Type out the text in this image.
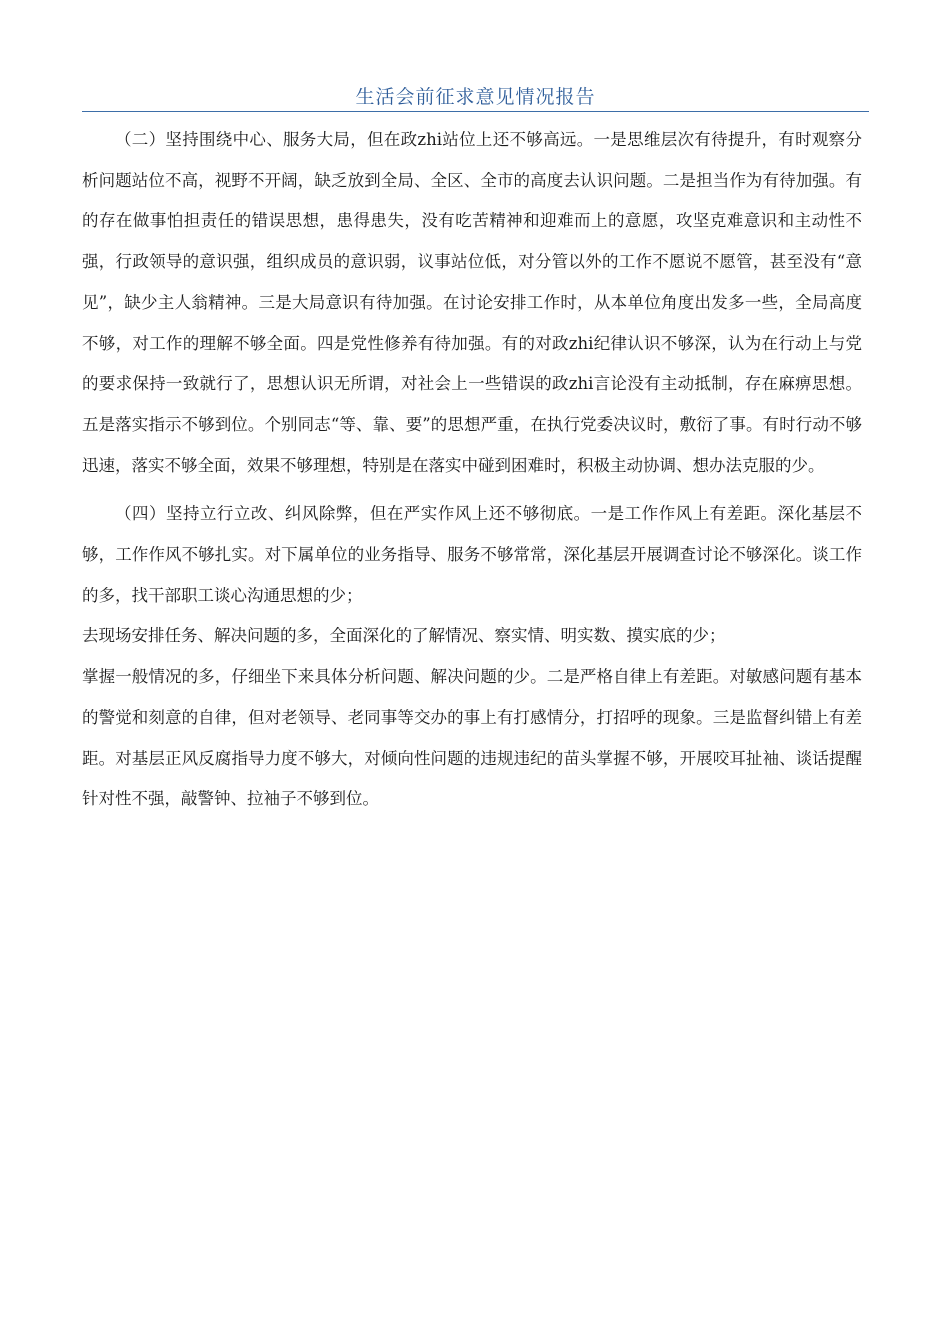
生活会前征求意见情况报告

（二）坚持围绕中心、服务大局，但在政zhi站位上还不够高远。一是思维层次有待提升，有时观察分析问题站位不高，视野不开阔，缺乏放到全局、全区、全市的高度去认识问题。二是担当作为有待加强。有的存在做事怕担责任的错误思想，患得患失，没有吃苦精神和迎难而上的意愿，攻坚克难意识和主动性不强，行政领导的意识强，组织成员的意识弱，议事站位低，对分管以外的工作不愿说不愿管，甚至没有“意见”，缺少主人翁精神。三是大局意识有待加强。在讨论安排工作时，从本单位角度出发多一些，全局高度不够，对工作的理解不够全面。四是党性修养有待加强。有的对政zhi纪律认识不够深，认为在行动上与党的要求保持一致就行了，思想认识无所谓，对社会上一些错误的政zhi言论没有主动抵制，存在麻痹思想。五是落实指示不够到位。个别同志“等、靠、要”的思想严重，在执行党委决议时，敷衍了事。有时行动不够迅速，落实不够全面，效果不够理想，特别是在落实中碰到困难时，积极主动协调、想办法克服的少。

（四）坚持立行立改、纠风除弊，但在严实作风上还不够彻底。一是工作作风上有差距。深化基层不够，工作作风不够扎实。对下属单位的业务指导、服务不够常常，深化基层开展调查讨论不够深化。谈工作的多，找干部职工谈心沟通思想的少；

去现场安排任务、解决问题的多，全面深化的了解情况、察实情、明实数、摸实底的少；

掌握一般情况的多，仔细坐下来具体分析问题、解决问题的少。二是严格自律上有差距。对敏感问题有基本的警觉和刻意的自律，但对老领导、老同事等交办的事上有打感情分，打招呼的现象。三是监督纠错上有差距。对基层正风反腐指导力度不够大，对倾向性问题的违规违纪的苗头掌握不够，开展咬耳扯袖、谈话提醒针对性不强，敲警钟、拉袖子不够到位。
